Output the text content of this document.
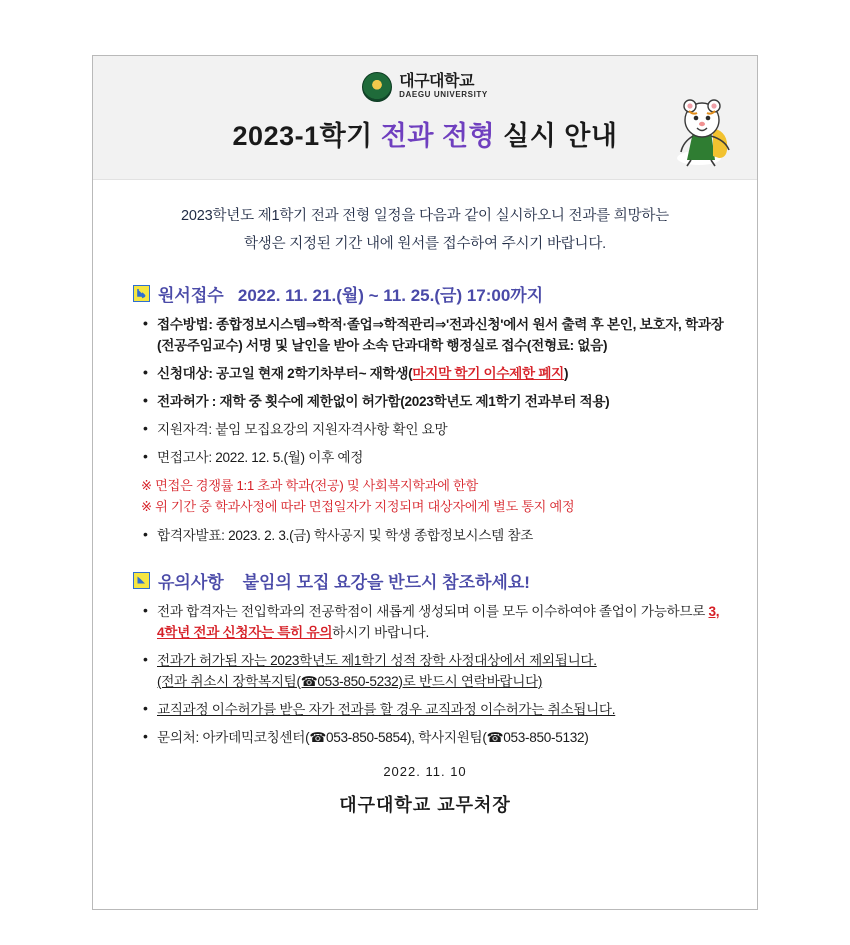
대구대학교
DAEGU UNIVERSITY
2023-1학기 전과 전형 실시 안내
2023학년도 제1학기 전과 전형 일정을 다음과 같이 실시하오니 전과를 희망하는
학생은 지정된 기간 내에 원서를 접수하여 주시기 바랍니다.
원서접수 2022. 11. 21.(월) ~ 11. 25.(금) 17:00까지
• 접수방법: 종합정보시스템⇒학적·졸업⇒학적관리⇒'전과신청'에서 원서 출력 후 본인, 보호자, 학과장(전공주임교수) 서명 및 날인을 받아 소속 단과대학 행정실로 접수(전형료: 없음)
• 신청대상: 공고일 현재 2학기차부터~ 재학생(마지막 학기 이수제한 폐지)
• 전과허가 : 재학 중 횟수에 제한없이 허가함(2023학년도 제1학기 전과부터 적용)
• 지원자격: 붙임 모집요강의 지원자격사항 확인 요망
• 면접고사: 2022. 12. 5.(월) 이후 예정
※ 면접은 경쟁률 1:1 초과 학과(전공) 및 사회복지학과에 한함
※ 위 기간 중 학과사정에 따라 면접일자가 지정되며 대상자에게 별도 통지 예정
• 합격자발표: 2023. 2. 3.(금) 학사공지 및 학생 종합정보시스템 참조
유의사항 붙임의 모집 요강을 반드시 참조하세요!
• 전과 합격자는 전입학과의 전공학점이 새롭게 생성되며 이를 모두 이수하여야 졸업이 가능하므로 3, 4학년 전과 신청자는 특히 유의하시기 바랍니다.
• 전과가 허가된 자는 2023학년도 제1학기 성적 장학 사정대상에서 제외됩니다.
(전과 취소시 장학복지팀(☎053-850-5232)로 반드시 연락바랍니다)
• 교직과정 이수허가를 받은 자가 전과를 할 경우 교직과정 이수허가는 취소됩니다.
• 문의처: 아카데믹코칭센터(☎053-850-5854), 학사지원팀(☎053-850-5132)
2022. 11. 10
대구대학교 교무처장
